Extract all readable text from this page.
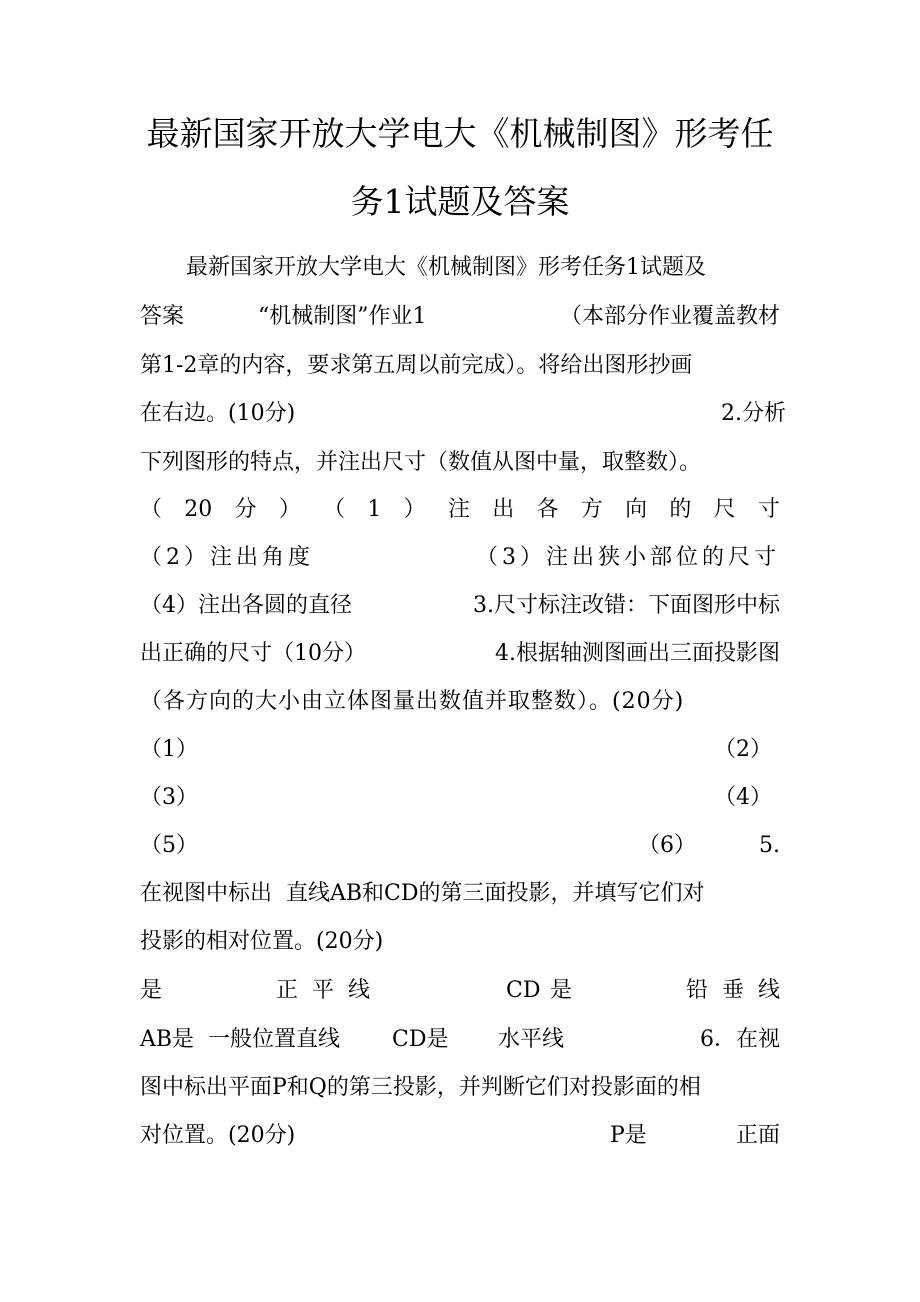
最新国家开放大学电大《机械制图》形考任
务1试题及答案
最新国家开放大学电大《机械制图》形考任务1试题及
答案	“机械制图”作业1	（本部分作业覆盖教材
第1-2章的内容，要求第五周以前完成）。将给出图形抄画
在右边。(10分)	2.分析
下列图形的特点，并注出尺寸（数值从图中量，取整数）。
（ 20 分 ） （ 1 ） 注 出 各 方 向 的 尺 寸
（2）注出角度	（3）注出狭小部位的尺寸
（4）注出各圆的直径	3.尺寸标注改错：下面图形中标
出正确的尺寸（10分）	4.根据轴测图画出三面投影图
（各方向的大小由立体图量出数值并取整数）。(20分)
（1）	（2）
（3）	（4）
（5）	（6）	5.
在视图中标出  直线AB和CD的第三面投影，并填写它们对
投影的相对位置。(20分)
是	正 平 线	CD 是	铅 垂 线
AB是  一般位置直线 CD是 水平线	6．在视
图中标出平面P和Q的第三投影，并判断它们对投影面的相
对位置。(20分)	P是	正面
